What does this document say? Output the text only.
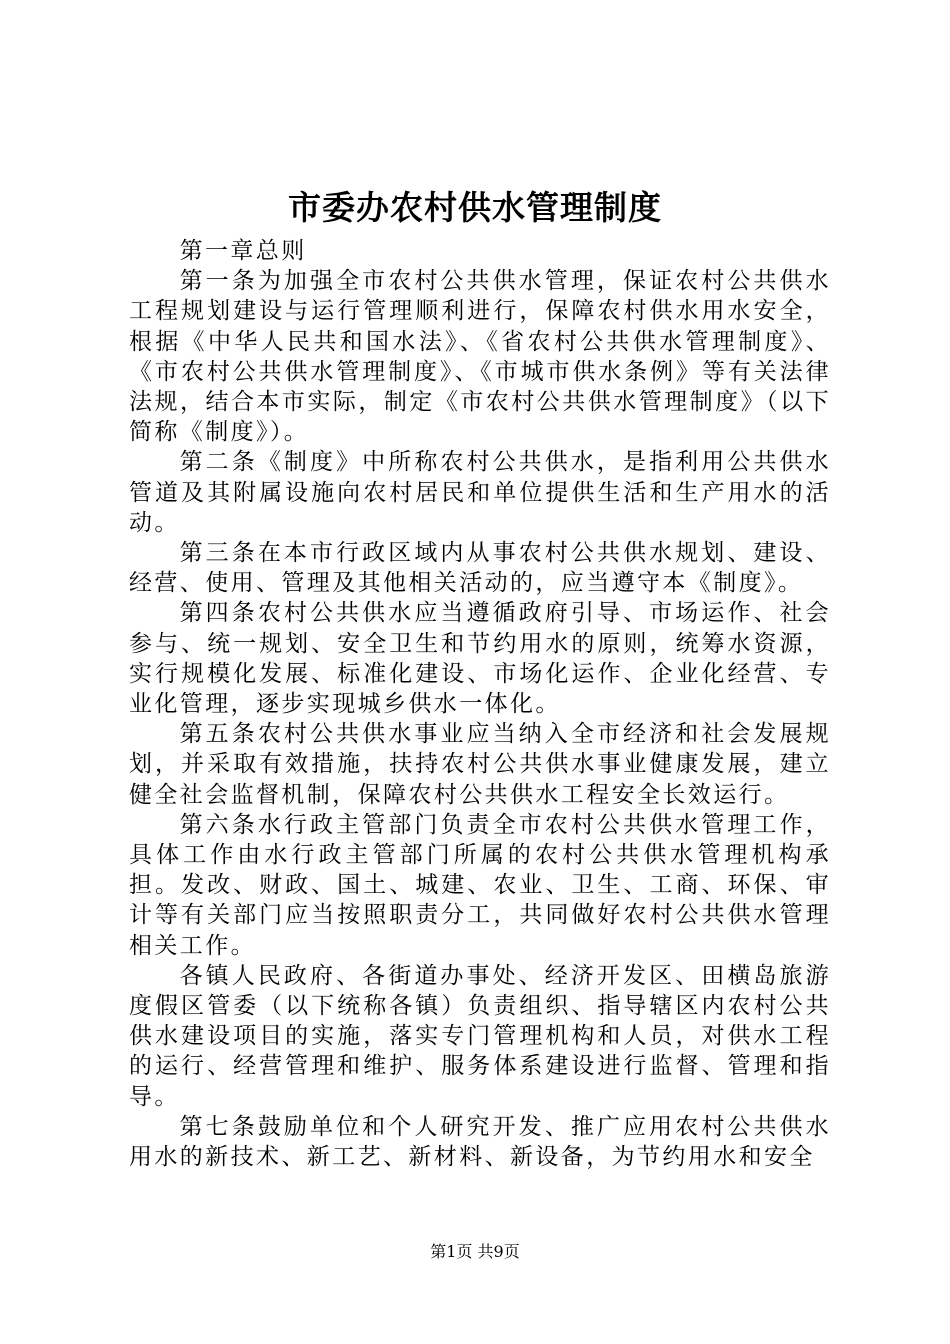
市委办农村供水管理制度

第一章总则

第一条为加强全市农村公共供水管理，保证农村公共供水工程规划建设与运行管理顺利进行，保障农村供水用水安全，根据《中华人民共和国水法》、《省农村公共供水管理制度》、《市农村公共供水管理制度》、《市城市供水条例》等有关法律法规，结合本市实际，制定《市农村公共供水管理制度》（以下简称《制度》）。

第二条《制度》中所称农村公共供水，是指利用公共供水管道及其附属设施向农村居民和单位提供生活和生产用水的活动。

第三条在本市行政区域内从事农村公共供水规划、建设、经营、使用、管理及其他相关活动的，应当遵守本《制度》。

第四条农村公共供水应当遵循政府引导、市场运作、社会参与、统一规划、安全卫生和节约用水的原则，统筹水资源，实行规模化发展、标准化建设、市场化运作、企业化经营、专业化管理，逐步实现城乡供水一体化。

第五条农村公共供水事业应当纳入全市经济和社会发展规划，并采取有效措施，扶持农村公共供水事业健康发展，建立健全社会监督机制，保障农村公共供水工程安全长效运行。

第六条水行政主管部门负责全市农村公共供水管理工作，具体工作由水行政主管部门所属的农村公共供水管理机构承担。发改、财政、国土、城建、农业、卫生、工商、环保、审计等有关部门应当按照职责分工，共同做好农村公共供水管理相关工作。

各镇人民政府、各街道办事处、经济开发区、田横岛旅游度假区管委（以下统称各镇）负责组织、指导辖区内农村公共供水建设项目的实施，落实专门管理机构和人员，对供水工程的运行、经营管理和维护、服务体系建设进行监督、管理和指导。

第七条鼓励单位和个人研究开发、推广应用农村公共供水用水的新技术、新工艺、新材料、新设备，为节约用水和安全

第1页 共9页
